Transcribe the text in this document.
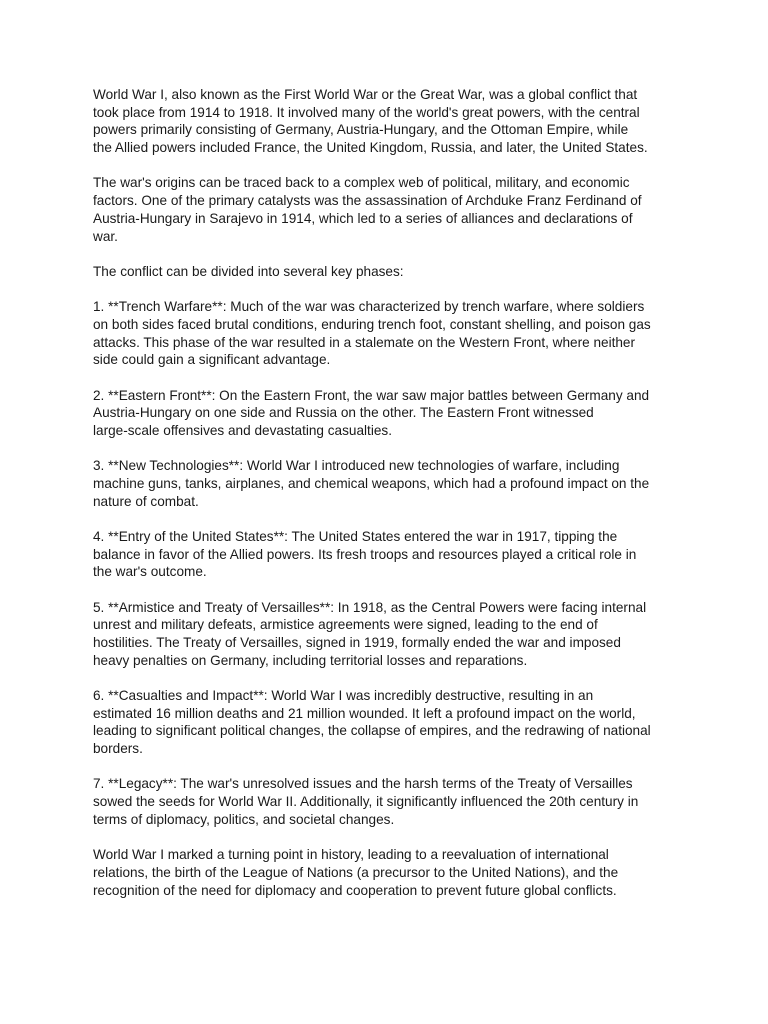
World War I, also known as the First World War or the Great War, was a global conflict that
took place from 1914 to 1918. It involved many of the world's great powers, with the central
powers primarily consisting of Germany, Austria-Hungary, and the Ottoman Empire, while
the Allied powers included France, the United Kingdom, Russia, and later, the United States.

The war's origins can be traced back to a complex web of political, military, and economic
factors. One of the primary catalysts was the assassination of Archduke Franz Ferdinand of
Austria-Hungary in Sarajevo in 1914, which led to a series of alliances and declarations of
war.

The conflict can be divided into several key phases:

1. **Trench Warfare**: Much of the war was characterized by trench warfare, where soldiers
on both sides faced brutal conditions, enduring trench foot, constant shelling, and poison gas
attacks. This phase of the war resulted in a stalemate on the Western Front, where neither
side could gain a significant advantage.

2. **Eastern Front**: On the Eastern Front, the war saw major battles between Germany and
Austria-Hungary on one side and Russia on the other. The Eastern Front witnessed
large-scale offensives and devastating casualties.

3. **New Technologies**: World War I introduced new technologies of warfare, including
machine guns, tanks, airplanes, and chemical weapons, which had a profound impact on the
nature of combat.

4. **Entry of the United States**: The United States entered the war in 1917, tipping the
balance in favor of the Allied powers. Its fresh troops and resources played a critical role in
the war's outcome.

5. **Armistice and Treaty of Versailles**: In 1918, as the Central Powers were facing internal
unrest and military defeats, armistice agreements were signed, leading to the end of
hostilities. The Treaty of Versailles, signed in 1919, formally ended the war and imposed
heavy penalties on Germany, including territorial losses and reparations.

6. **Casualties and Impact**: World War I was incredibly destructive, resulting in an
estimated 16 million deaths and 21 million wounded. It left a profound impact on the world,
leading to significant political changes, the collapse of empires, and the redrawing of national
borders.

7. **Legacy**: The war's unresolved issues and the harsh terms of the Treaty of Versailles
sowed the seeds for World War II. Additionally, it significantly influenced the 20th century in
terms of diplomacy, politics, and societal changes.

World War I marked a turning point in history, leading to a reevaluation of international
relations, the birth of the League of Nations (a precursor to the United Nations), and the
recognition of the need for diplomacy and cooperation to prevent future global conflicts.
